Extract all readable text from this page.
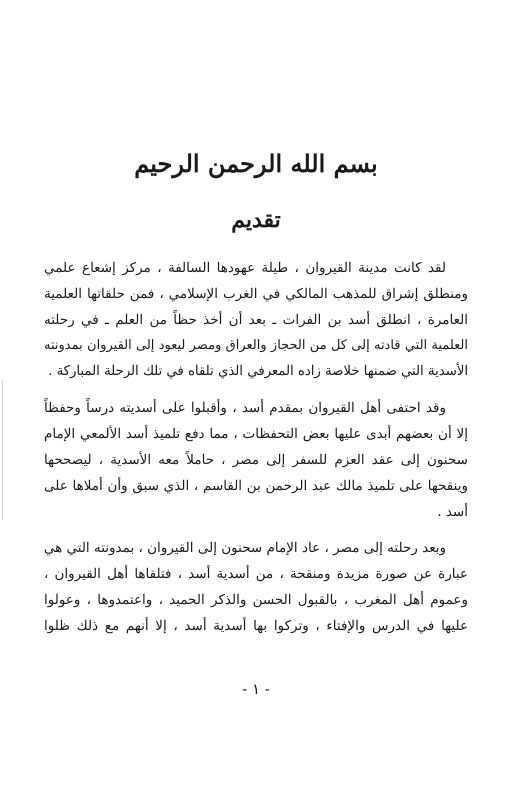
بسم الله الرحمن الرحيم
تقديم

لقد كانت مدينة القيروان ، طيلة عهودها السالفة ، مركز إشعاع علمي

ومنطلق إشراق للمذهب المالكي في الغرب الإسلامي ، فمن حلقاتها العلمية

العامرة ، انطلق أسد بن الفرات ـ بعد أن أخذ حظاً من العلم ـ في رحلته

العلمية التي قادته إلى كل من الحجاز والعراق ومصر ليعود إلى القيروان بمدونته

الأسدية التي ضمنها خلاصة زاده المعرفي الذي تلقاه في تلك الرحلة المباركة .

وقد احتفى أهل القيروان بمقدم أسد ، وأقبلوا على أسديته درساً وحفظاً

إلا أن بعضهم أبدى عليها بعض التحفظات ، مما دفع تلميذ أسد الألمعي الإمام

سحنون إلى عقد العزم للسفر إلى مصر ، حاملاً معه الأسدية ، ليصححها

وينقحها على تلميذ مالك عبد الرحمن بن القاسم ، الذي سبق وأن أملاها على

أسد .

وبعد رحلته إلى مصر ، عاد الإمام سحنون إلى القيروان ، بمدونته التي هي

عبارة عن صورة مزيدة ومنقحة ، من أسدية أسد ، فتلقاها أهل القيروان ،

وعموم أهل المغرب ، بالقبول الحسن والذكر الحميد ، واعتمدوها ، وعولوا

عليها في الدرس والإفتاء ، وتركوا بها أسدية أسد ، إلا أنهم مع ذلك ظلوا

- ١ -
